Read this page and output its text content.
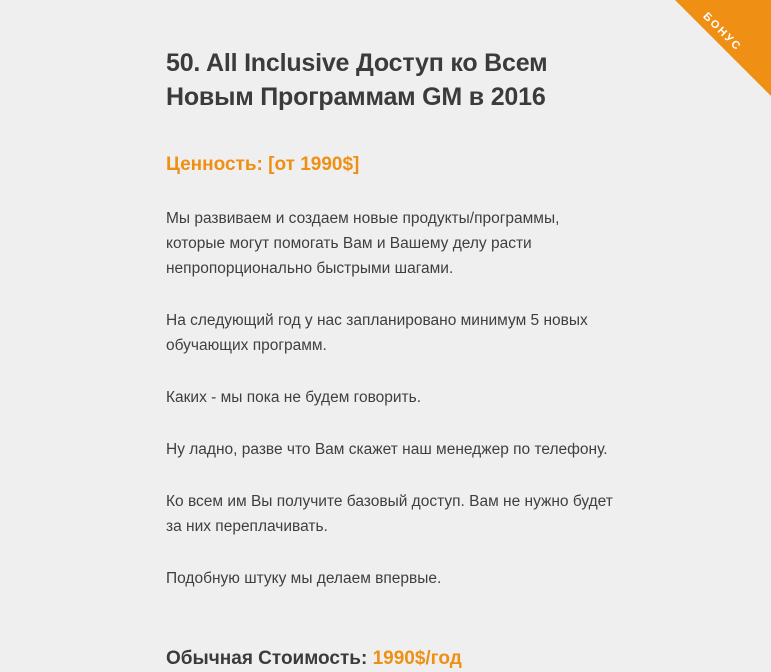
БОНУС
50. All Inclusive Доступ ко Всем Новым Программам GM в 2016

Ценность: [от 1990$]

Мы развиваем и создаем новые продукты/программы, которые могут помогать Вам и Вашему делу расти непропорционально быстрыми шагами.

На следующий год у нас запланировано минимум 5 новых обучающих программ.

Каких - мы пока не будем говорить.

Ну ладно, разве что Вам скажет наш менеджер по телефону.

Ко всем им Вы получите базовый доступ. Вам не нужно будет за них переплачивать.

Подобную штуку мы делаем впервые.

Обычная Стоимость: 1990$/год
